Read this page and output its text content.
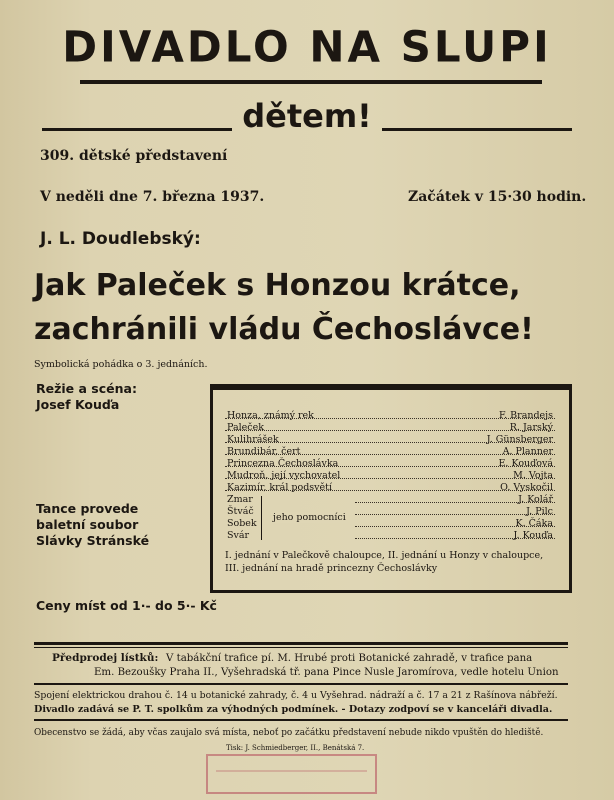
DIVADLO NA SLUPI
dětem!
309. dětské představení
V neděli dne 7. března 1937.	Začátek v 15·30 hodin.
J. L. Doudlebský:
Jak Paleček s Honzou krátce,
zachránili vládu Čechoslávce!
Symbolická pohádka o 3. jednáních.
Režie a scéna:
Josef Kouďa
Tance provede
baletní soubor
Slávky Stránské
Ceny míst od 1·- do 5·- Kč
Honza, známý rek	F. Brandejs
Paleček	R. Jarský
Kulihrášek	J. Günsberger
Brundibár, čert	A. Planner
Princezna Čechoslávka	E. Kouďová
Mudroň, její vychovatel	M. Vojta
Kazimír, král podsvětí	O. Vyskočil
Zmar	J. Kolář
Štváč	J. Pilc
Sobek	K. Čáka
Svár	J. Kouďa
jeho pomocníci
I. jednání v Palečkově chaloupce, II. jednání u Honzy v chaloupce,
III. jednání na hradě princezny Čechoslávky
Předprodej lístků: V tabákční trafice pí. M. Hrubé proti Botanické zahradě, v trafice pana
Em. Bezoušky Praha II., Vyšehradská tř. pana Pince Nusle Jaromírova, vedle hotelu Union
Spojení elektrickou drahou č. 14 u botanické zahrady, č. 4 u Vyšehrad. nádraží a č. 17 a 21 z Rašínova nábřeží.
Divadlo zadává se P. T. spolkům za výhodných podmínek. - Dotazy zodpoví se v kanceláři divadla.
Obecenstvo se žádá, aby včas zaujalo svá místa, neboť po začátku představení nebude nikdo vpuštěn do hlediště.
Tisk: J. Schmiedberger, II., Benátská 7.
